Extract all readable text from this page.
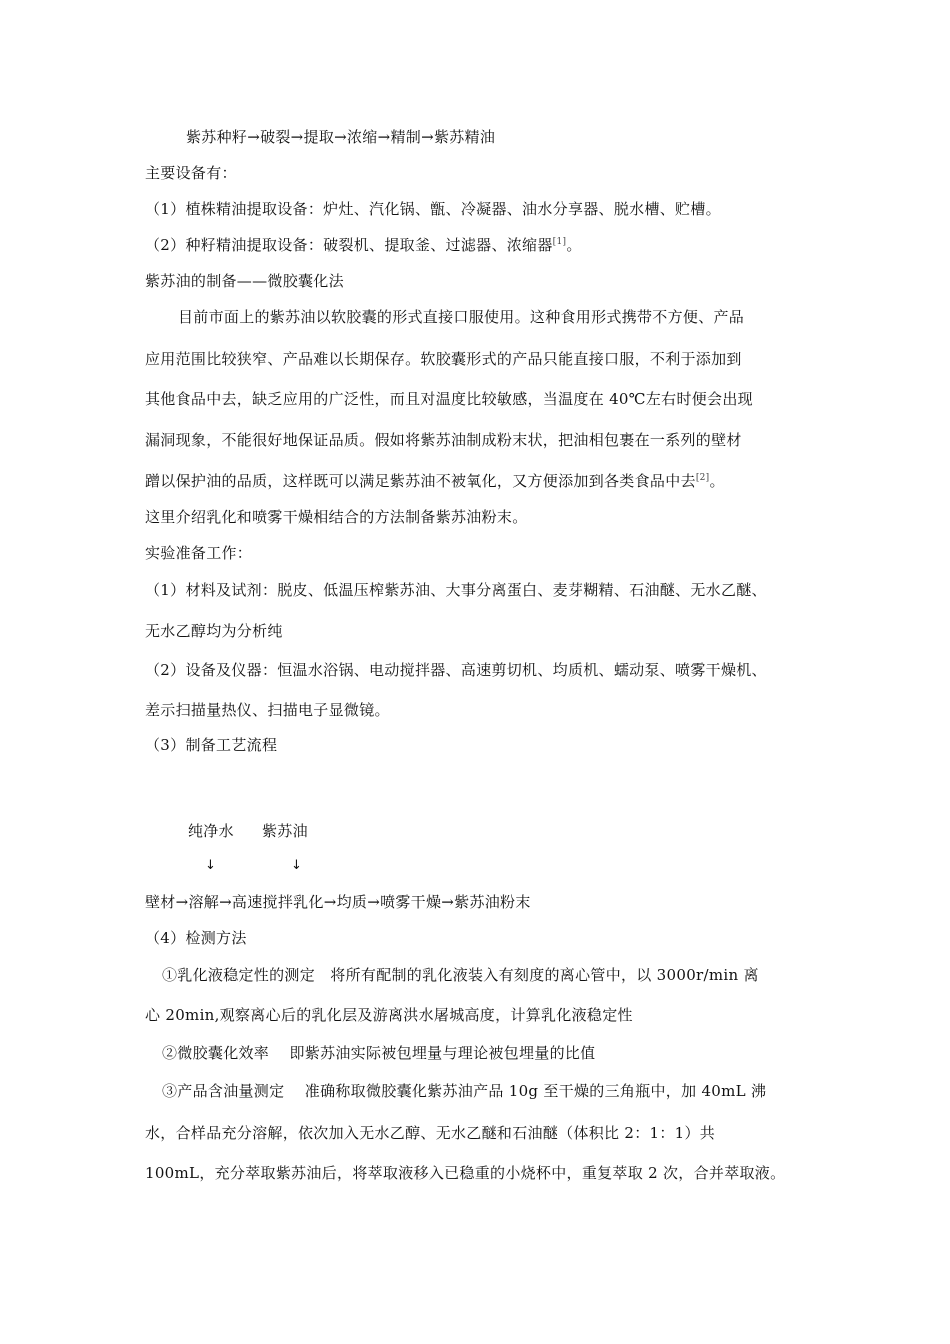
紫苏种籽→破裂→提取→浓缩→精制→紫苏精油
主要设备有：
（1）植株精油提取设备：炉灶、汽化锅、甑、冷凝器、油水分享器、脱水槽、贮槽。
（2）种籽精油提取设备：破裂机、提取釜、过滤器、浓缩器[1]。
紫苏油的制备——微胶囊化法
目前市面上的紫苏油以软胶囊的形式直接口服使用。这种食用形式携带不方便、产品
应用范围比较狭窄、产品难以长期保存。软胶囊形式的产品只能直接口服，不利于添加到
其他食品中去，缺乏应用的广泛性，而且对温度比较敏感，当温度在 40℃左右时便会出现
漏洞现象，不能很好地保证品质。假如将紫苏油制成粉末状，把油相包裹在一系列的壁材
蹭以保护油的品质，这样既可以满足紫苏油不被氧化，又方便添加到各类食品中去[2]。
这里介绍乳化和喷雾干燥相结合的方法制备紫苏油粉末。
实验准备工作：
（1）材料及试剂：脱皮、低温压榨紫苏油、大事分离蛋白、麦芽糊精、石油醚、无水乙醚、
无水乙醇均为分析纯
（2）设备及仪器：恒温水浴锅、电动搅拌器、高速剪切机、均质机、蠕动泵、喷雾干燥机、
差示扫描量热仪、扫描电子显微镜。
（3）制备工艺流程
纯净水 紫苏油
↓	↓
壁材→溶解→高速搅拌乳化→均质→喷雾干燥→紫苏油粉末
（4）检测方法
①乳化液稳定性的测定　将所有配制的乳化液装入有刻度的离心管中，以 3000r/min 离
心 20min,观察离心后的乳化层及游离洪水屠城高度，计算乳化液稳定性
②微胶囊化效率　 即紫苏油实际被包埋量与理论被包埋量的比值
③产品含油量测定　 准确称取微胶囊化紫苏油产品 10g 至干燥的三角瓶中，加 40mL 沸
水，合样品充分溶解，依次加入无水乙醇、无水乙醚和石油醚（体积比 2：1：1）共
100mL，充分萃取紫苏油后，将萃取液移入已稳重的小烧杯中，重复萃取 2 次，合并萃取液。
